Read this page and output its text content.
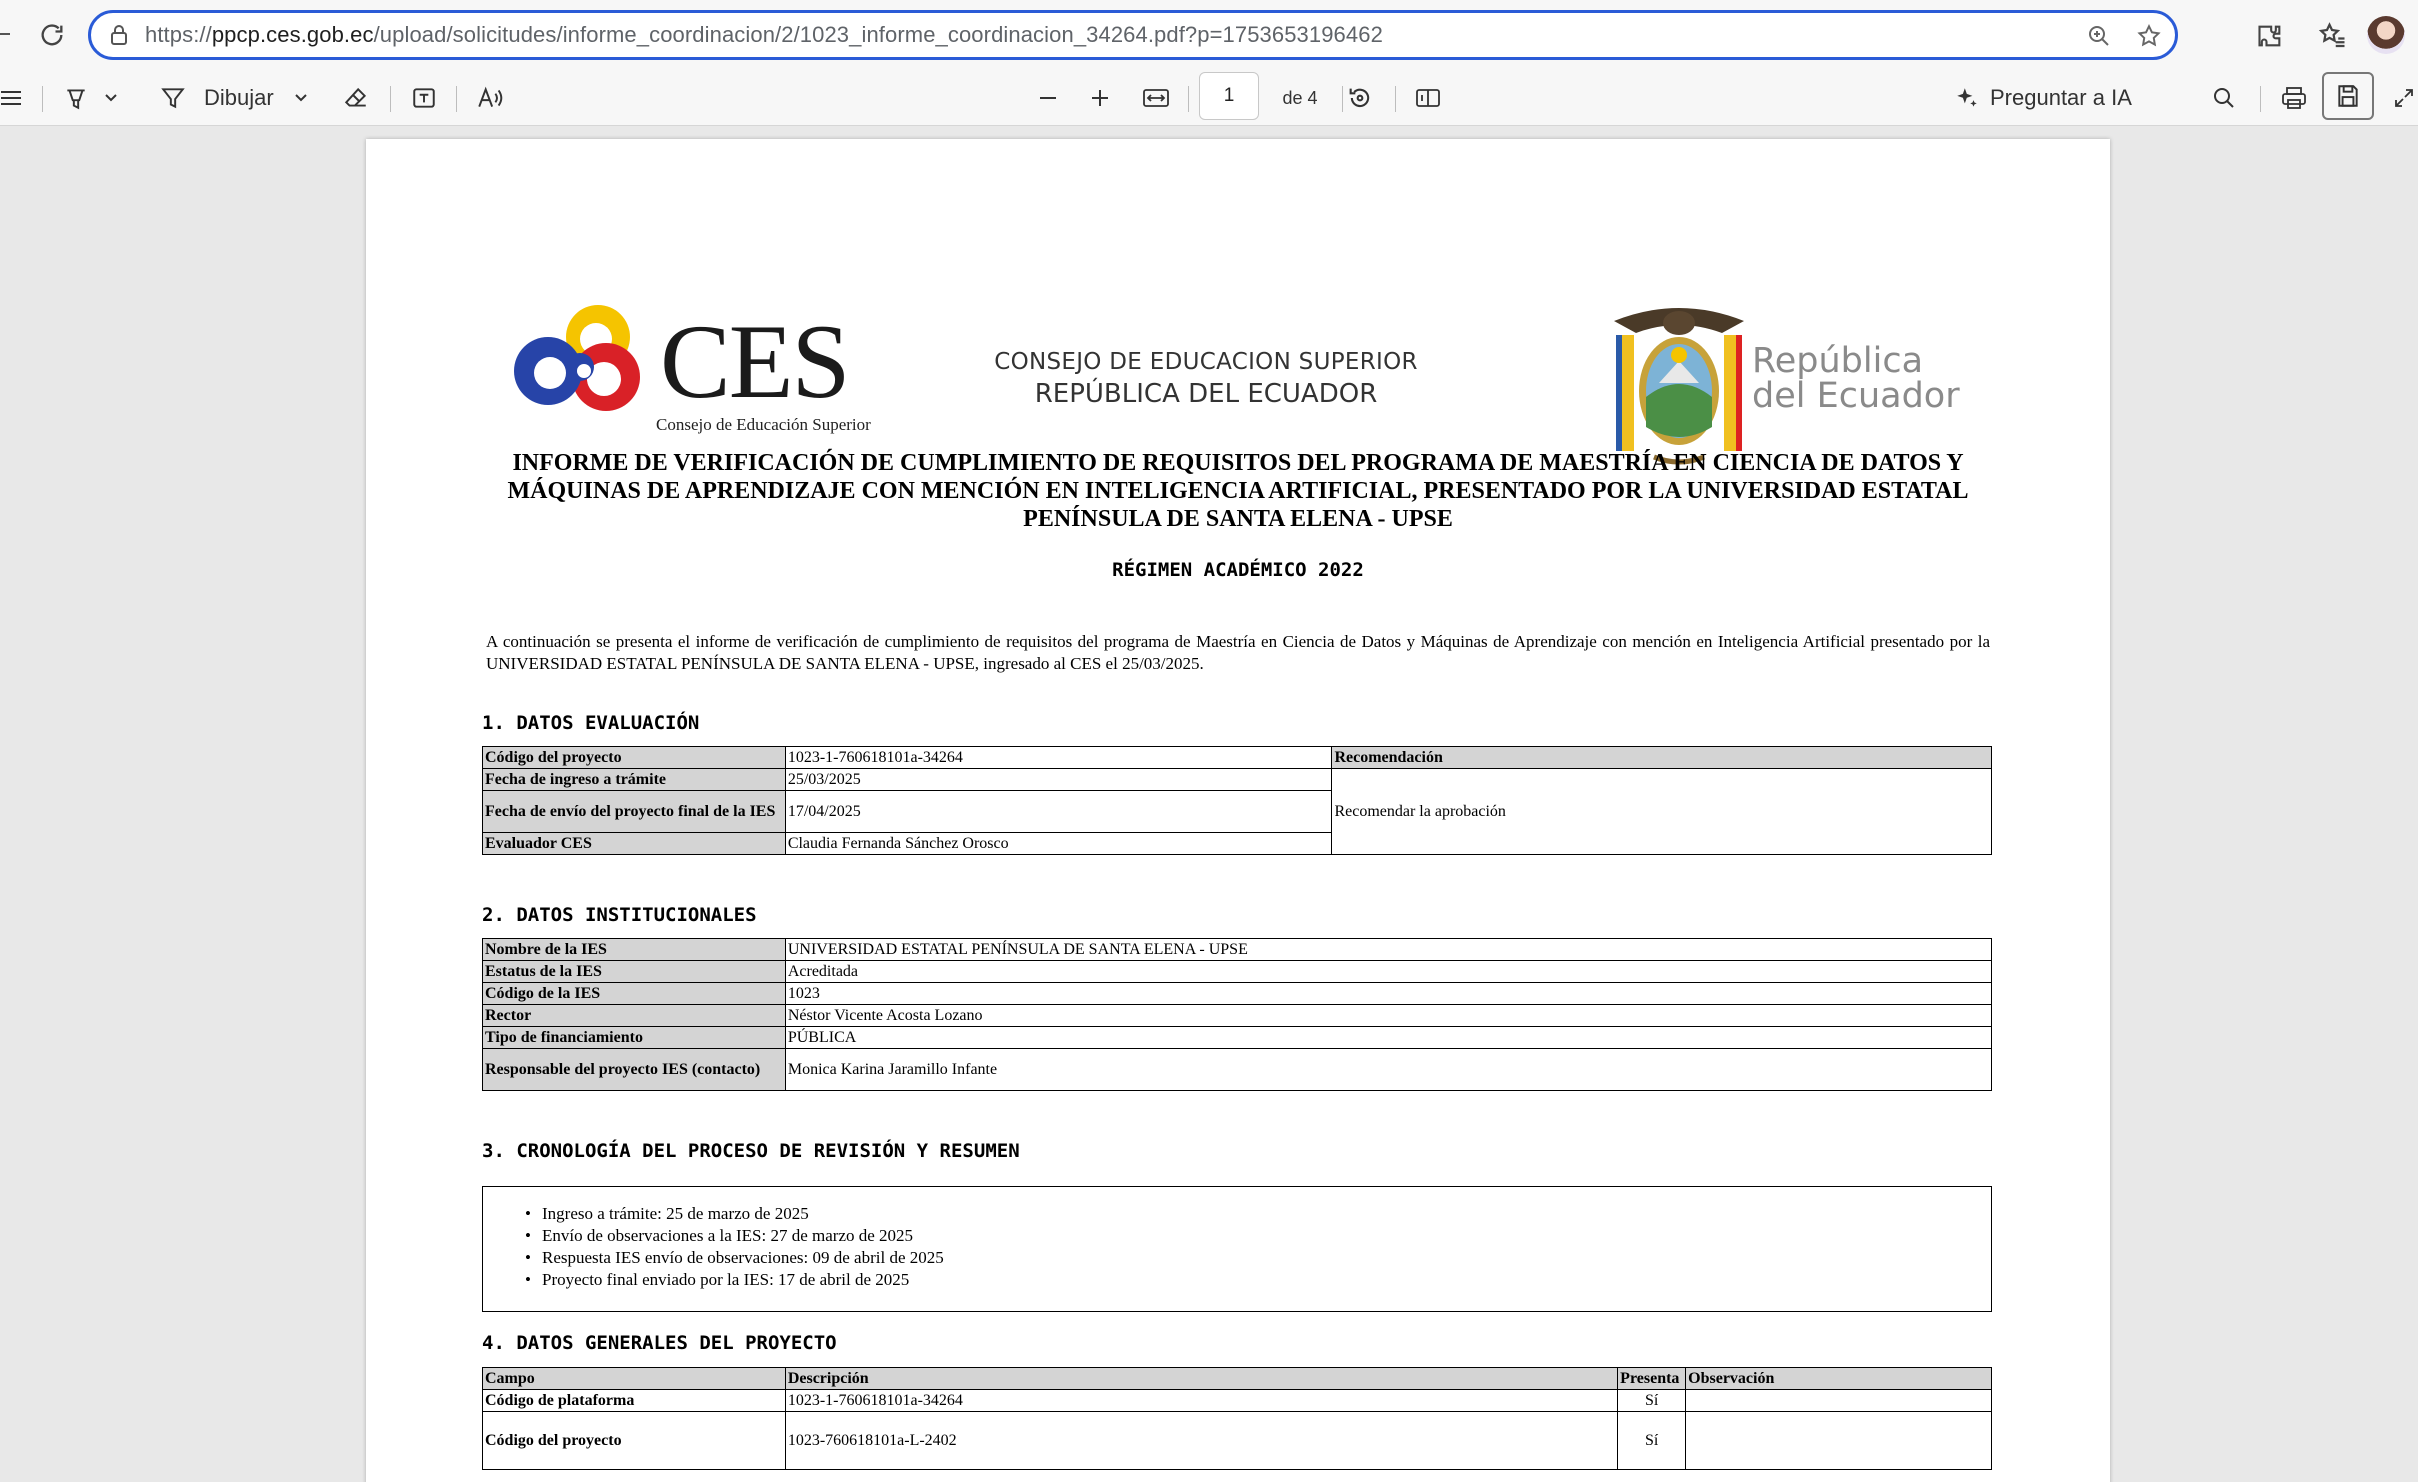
https://ppcp.ces.gob.ec/upload/solicitudes/informe_coordinacion/2/1023_informe_coordinacion_34264.pdf?p=1753653196462
Dibujar	de 4	Preguntar a IA
1
CES
Consejo de Educación Superior
CONSEJO DE EDUCACION SUPERIOR
REPÚBLICA DEL ECUADOR
República
del Ecuador
INFORME DE VERIFICACIÓN DE CUMPLIMIENTO DE REQUISITOS DEL PROGRAMA DE MAESTRÍA EN CIENCIA DE DATOS Y MÁQUINAS DE APRENDIZAJE CON MENCIÓN EN INTELIGENCIA ARTIFICIAL, PRESENTADO POR LA UNIVERSIDAD ESTATAL PENÍNSULA DE SANTA ELENA - UPSE
RÉGIMEN ACADÉMICO 2022
A continuación se presenta el informe de verificación de cumplimiento de requisitos del programa de Maestría en Ciencia de Datos y Máquinas de Aprendizaje con mención en Inteligencia Artificial presentado por la UNIVERSIDAD ESTATAL PENÍNSULA DE SANTA ELENA - UPSE, ingresado al CES el 25/03/2025.
1. DATOS EVALUACIÓN
Código del proyecto	1023-1-760618101a-34264	Recomendación
Fecha de ingreso a trámite	25/03/2025	Recomendar la aprobación
Fecha de envío del proyecto final de la IES	17/04/2025	
Evaluador CES	Claudia Fernanda Sánchez Orosco	
2. DATOS INSTITUCIONALES
Nombre de la IES	UNIVERSIDAD ESTATAL PENÍNSULA DE SANTA ELENA - UPSE
Estatus de la IES	Acreditada
Código de la IES	1023
Rector	Néstor Vicente Acosta Lozano
Tipo de financiamiento	PÚBLICA
Responsable del proyecto IES (contacto)	Monica Karina Jaramillo Infante
3. CRONOLOGÍA DEL PROCESO DE REVISIÓN Y RESUMEN
• Ingreso a trámite: 25 de marzo de 2025
• Envío de observaciones a la IES: 27 de marzo de 2025
• Respuesta IES envío de observaciones: 09 de abril de 2025
• Proyecto final enviado por la IES: 17 de abril de 2025
4. DATOS GENERALES DEL PROYECTO
Campo	Descripción	Presenta	Observación
Código de plataforma	1023-1-760618101a-34264	Sí	
Código del proyecto	1023-760618101a-L-2402	Sí	
